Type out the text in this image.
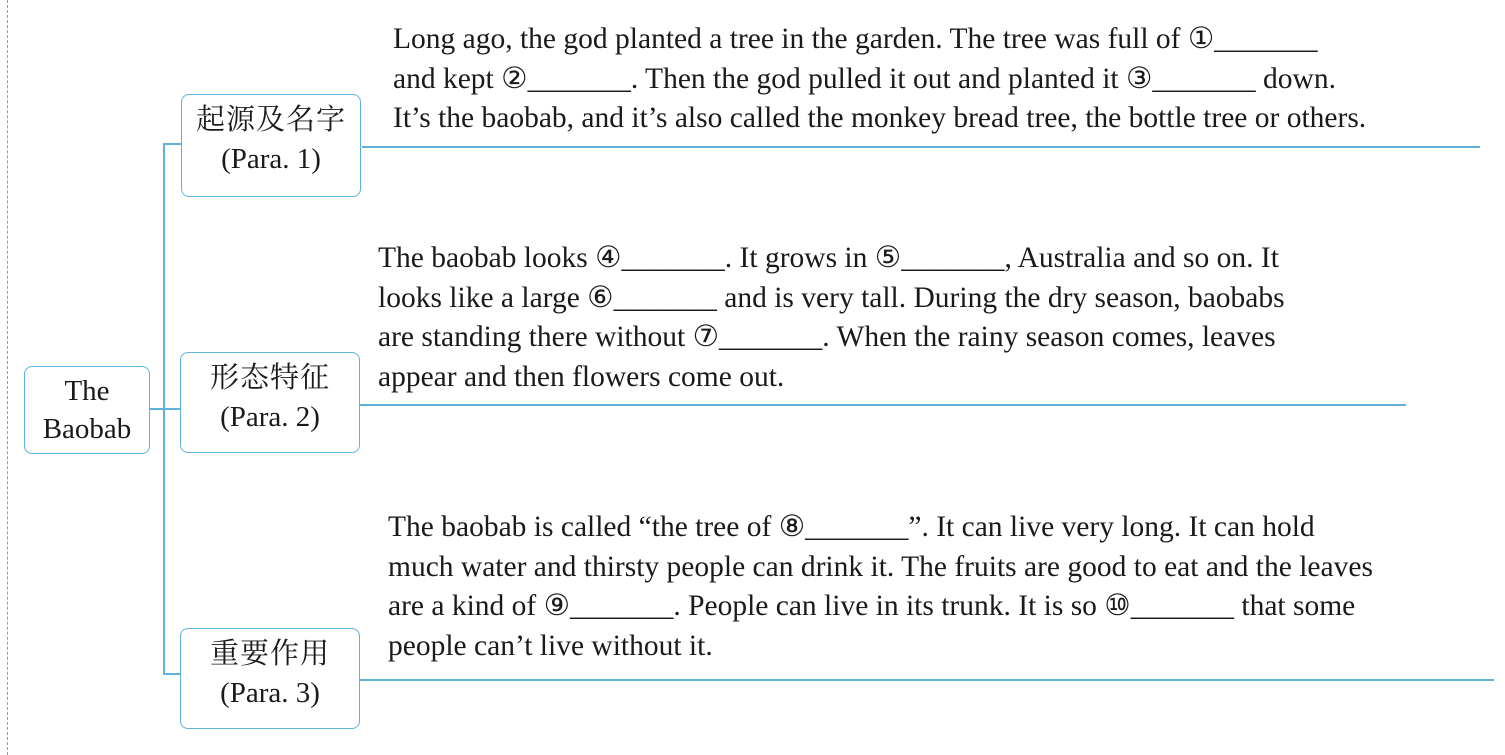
The
Baobab
起源及名字
(Para. 1)
形态特征
(Para. 2)
重要作用
(Para. 3)
Long ago, the god planted a tree in the garden. The tree was full of ①_______
and kept ②_______. Then the god pulled it out and planted it ③_______ down.
It’s the baobab, and it’s also called the monkey bread tree, the bottle tree or others.
The baobab looks ④_______. It grows in ⑤_______, Australia and so on. It
looks like a large ⑥_______ and is very tall. During the dry season, baobabs
are standing there without ⑦_______. When the rainy season comes, leaves
appear and then flowers come out.
The baobab is called “the tree of ⑧_______”. It can live very long. It can hold
much water and thirsty people can drink it. The fruits are good to eat and the leaves
are a kind of ⑨_______. People can live in its trunk. It is so ⑩_______ that some
people can’t live without it.
